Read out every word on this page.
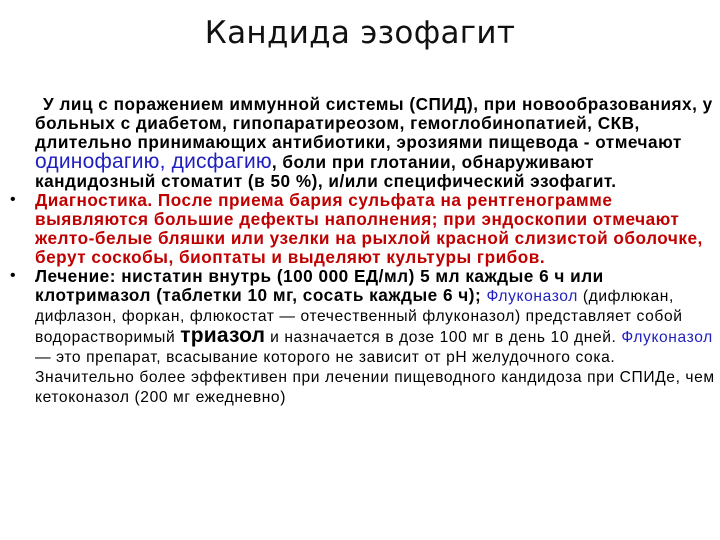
Кандида эзофагит
У лиц с поражением иммунной системы (СПИД), при новообразованиях, у больных с диабетом, гипопаратиреозом, гемоглобинопатией, СКВ, длительно принимающих антибиотики, эрозиями пищевода - отмечают одинофагию, дисфагию, боли при глотании, обнаруживают кандидозный стоматит (в 50 %), и/или специфический эзофагит.
• Диагностика. После приема бария сульфата на рентгенограмме выявляются большие дефекты наполнения; при эндоскопии отмечают желто-белые бляшки или узелки на рыхлой красной слизистой оболочке, берут соскобы, биоптаты и выделяют культуры грибов.
• Лечение: нистатин внутрь (100 000 ЕД/мл) 5 мл каждые 6 ч или клотримазол (таблетки 10 мг, сосать каждые 6 ч); Флуконазол (дифлюкан, дифлазон, форкан, флюкостат — отечественный флуконазол) представляет собой водорастворимый триазол и назначается в дозе 100 мг в день 10 дней. Флуконазол — это препарат, всасывание которого не зависит от рН желудочного сока. Значительно более эффективен при лечении пищеводного кандидоза при СПИДе, чем кетоконазол (200 мг ежедневно)
